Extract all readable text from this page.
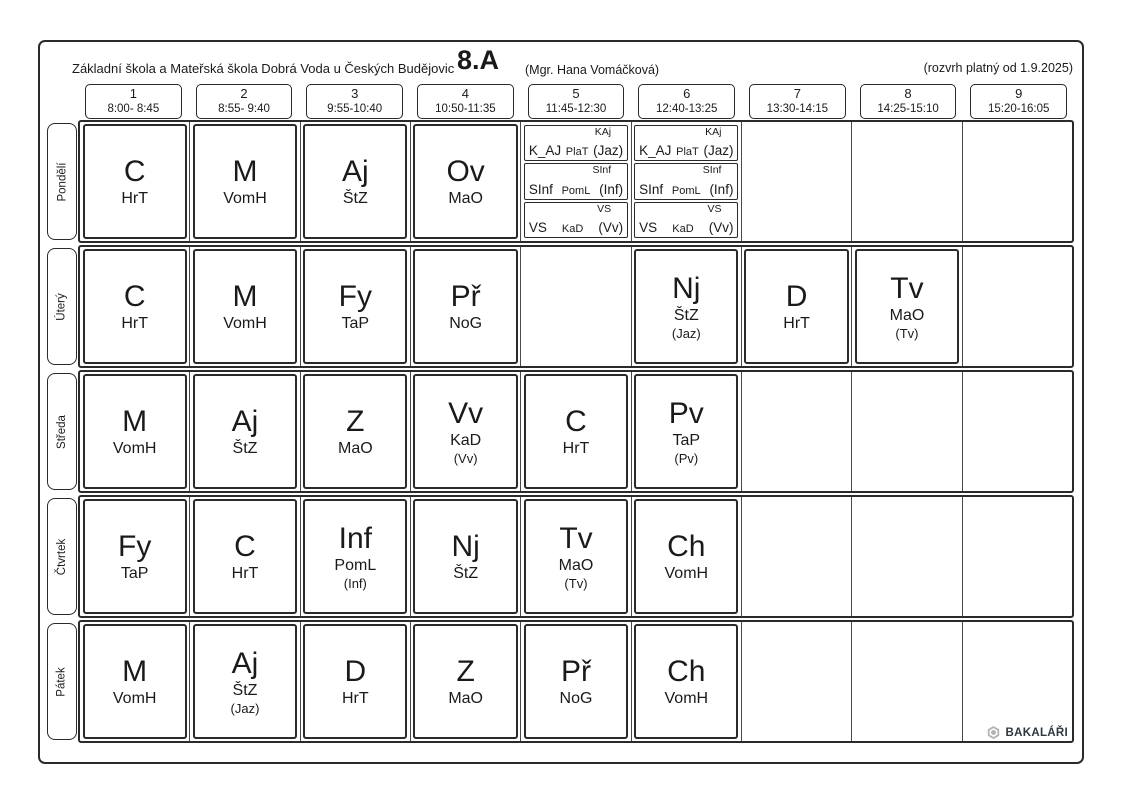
Základní škola a Mateřská škola Dobrá Voda u Českých Budějovic 8.A (Mgr. Hana Vomáčková)	(rozvrh platný od 1.9.2025)
1
8:00- 8:45
2
8:55- 9:40
3
9:55-10:40
4
10:50-11:35
5
11:45-12:30
6
12:40-13:25
7
13:30-14:15
8
14:25-15:10
9
15:20-16:05
C
HrT
M
VomH
Aj
ŠtZ
Ov
MaO
KAj
K_AJ PlaT (Jaz)
SInf
SInf PomL (Inf)
VS
VS KaD (Vv)
KAj
K_AJ PlaT (Jaz)
SInf
SInf PomL (Inf)
VS
VS KaD (Vv)
Pondělí
C
HrT
M
VomH
Fy
TaP
Př
NoG
Nj
ŠtZ
(Jaz)
D
HrT
Tv
MaO
(Tv)
Úterý
M
VomH
Aj
ŠtZ
Z
MaO
Vv
KaD
(Vv)
C
HrT
Pv
TaP
(Pv)
Středa
Fy
TaP
C
HrT
Inf
PomL
(Inf)
Nj
ŠtZ
Tv
MaO
(Tv)
Ch
VomH
Čtvrtek
M
VomH
Aj
ŠtZ
(Jaz)
D
HrT
Z
MaO
Př
NoG
Ch
VomH
Pátek
BAKALÁŘI
